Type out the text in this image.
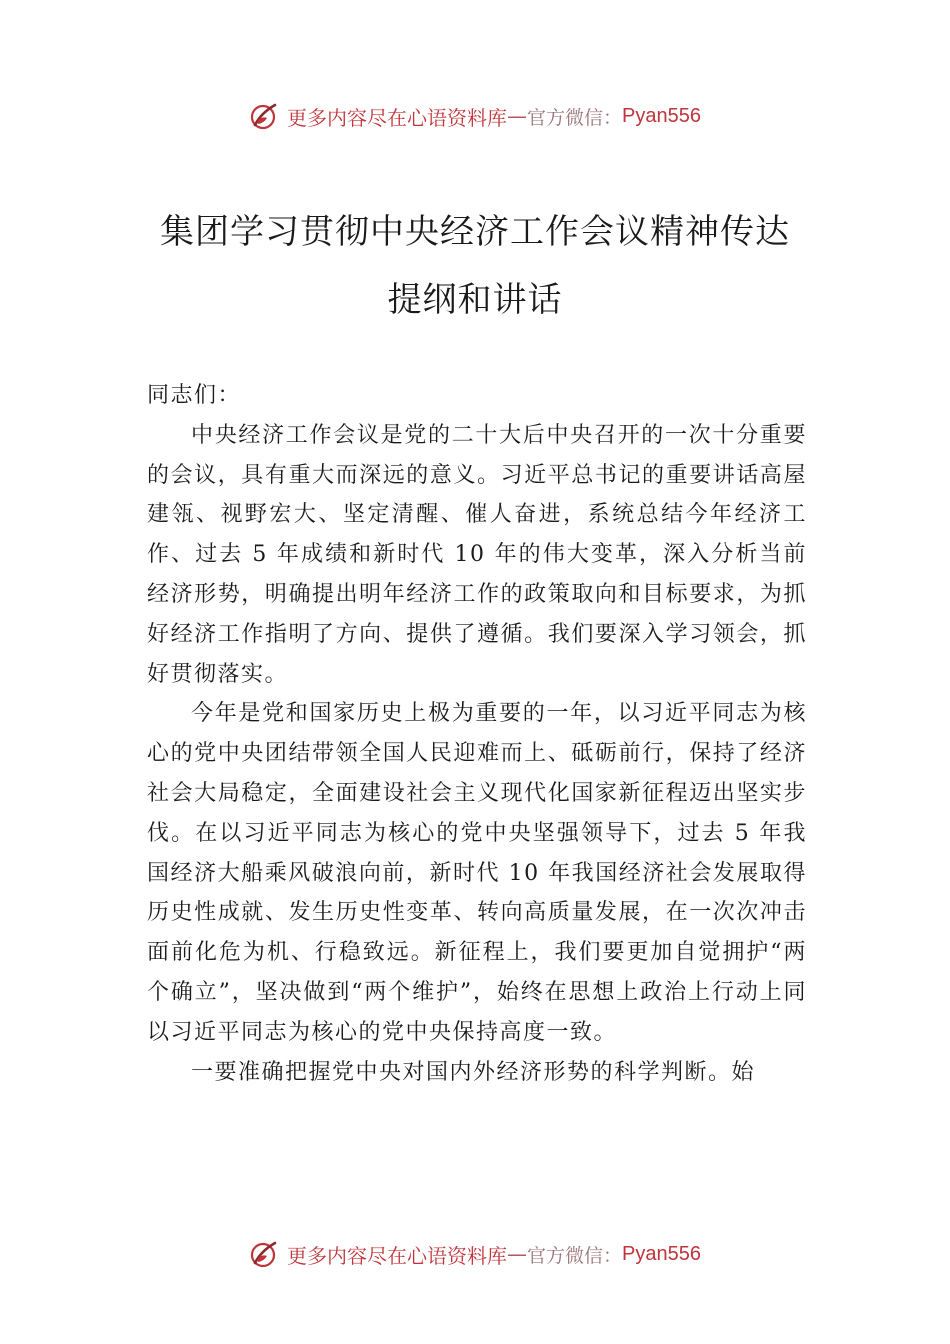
更多内容尽在心语资料库 — 官方微信： Pyan556
集团学习贯彻中央经济工作会议精神传达
提纲和讲话

同志们：

中央经济工作会议是党的二十大后中央召开的一次十分重要的会议，具有重大而深远的意义。习近平总书记的重要讲话高屋建瓴、视野宏大、坚定清醒、催人奋进，系统总结今年经济工作、过去 5 年成绩和新时代 10 年的伟大变革，深入分析当前经济形势，明确提出明年经济工作的政策取向和目标要求，为抓好经济工作指明了方向、提供了遵循。我们要深入学习领会，抓好贯彻落实。

今年是党和国家历史上极为重要的一年，以习近平同志为核心的党中央团结带领全国人民迎难而上、砥砺前行，保持了经济社会大局稳定，全面建设社会主义现代化国家新征程迈出坚实步伐。在以习近平同志为核心的党中央坚强领导下，过去 5 年我国经济大船乘风破浪向前，新时代 10 年我国经济社会发展取得历史性成就、发生历史性变革、转向高质量发展，在一次次冲击面前化危为机、行稳致远。新征程上，我们要更加自觉拥护“两个确立”，坚决做到“两个维护”，始终在思想上政治上行动上同以习近平同志为核心的党中央保持高度一致。

一要准确把握党中央对国内外经济形势的科学判断。始

更多内容尽在心语资料库 — 官方微信： Pyan556
